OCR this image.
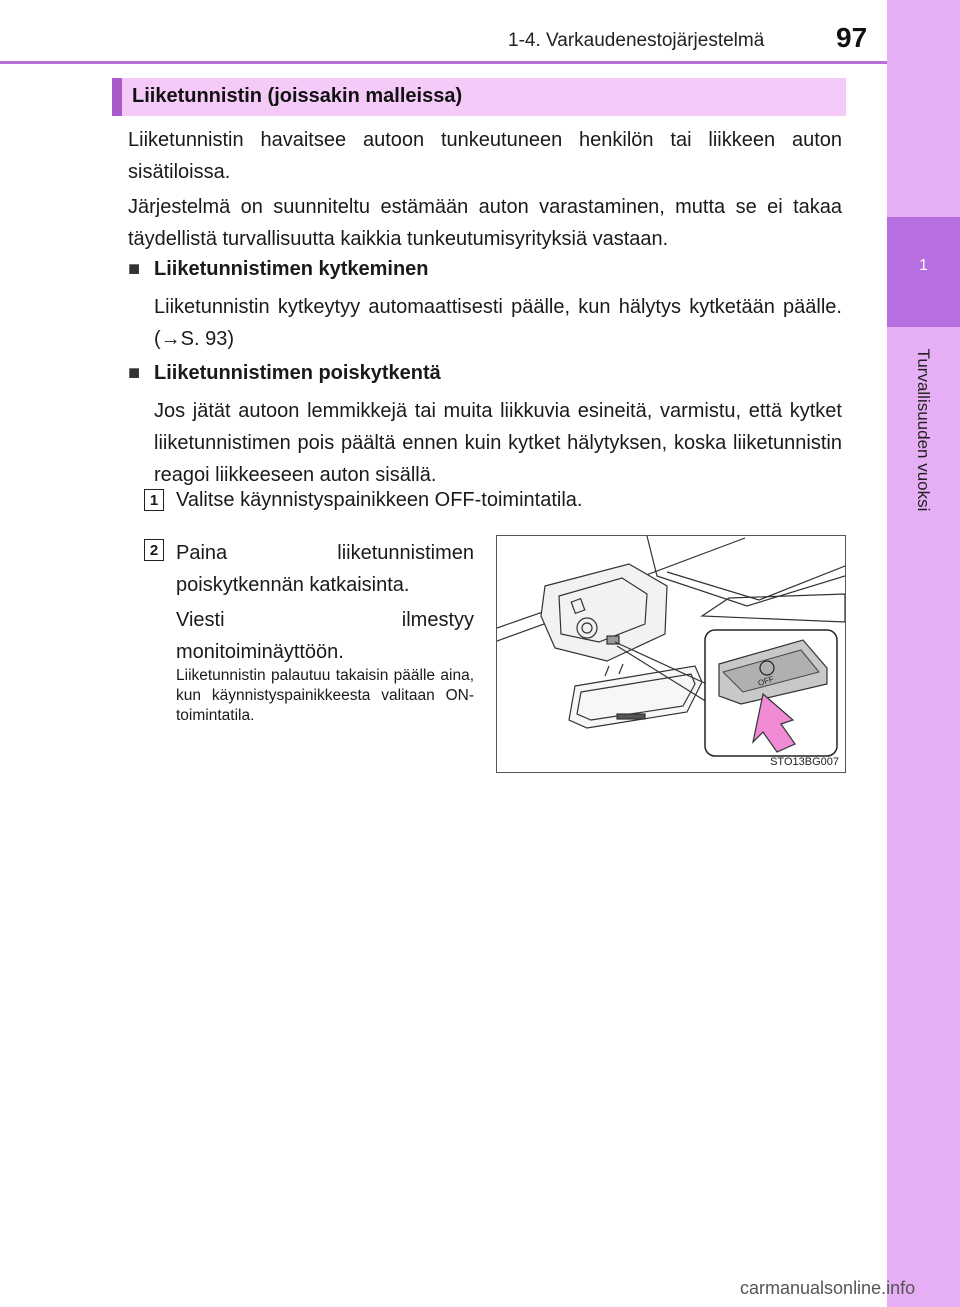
1-4. Varkaudenestojärjestelmä	97
1
Turvallisuuden vuoksi
Liiketunnistin (joissakin malleissa)
Liiketunnistin havaitsee autoon tunkeutuneen henkilön tai liikkeen auton sisätiloissa.
Järjestelmä on suunniteltu estämään auton varastaminen, mutta se ei takaa täydellistä turvallisuutta kaikkia tunkeutumisyrityksiä vastaan.
■ Liiketunnistimen kytkeminen
Liiketunnistin kytkeytyy automaattisesti päälle, kun hälytys kytketään päälle. (→S. 93)
■ Liiketunnistimen poiskytkentä
Jos jätät autoon lemmikkejä tai muita liikkuvia esineitä, varmistu, että kytket liiketunnistimen pois päältä ennen kuin kytket hälytyksen, koska liiketunnistin reagoi liikkeeseen auton sisällä.
1 Valitse käynnistyspainikkeen OFF-toimintatila.
2 Paina liiketunnistimen poiskytkennän katkaisinta.
Viesti ilmestyy monitoiminäyttöön.
Liiketunnistin palautuu takaisin päälle aina, kun käynnistyspainikkeesta valitaan ON-toimintatila.
OFF
STO13BG007
carmanualsonline.info
